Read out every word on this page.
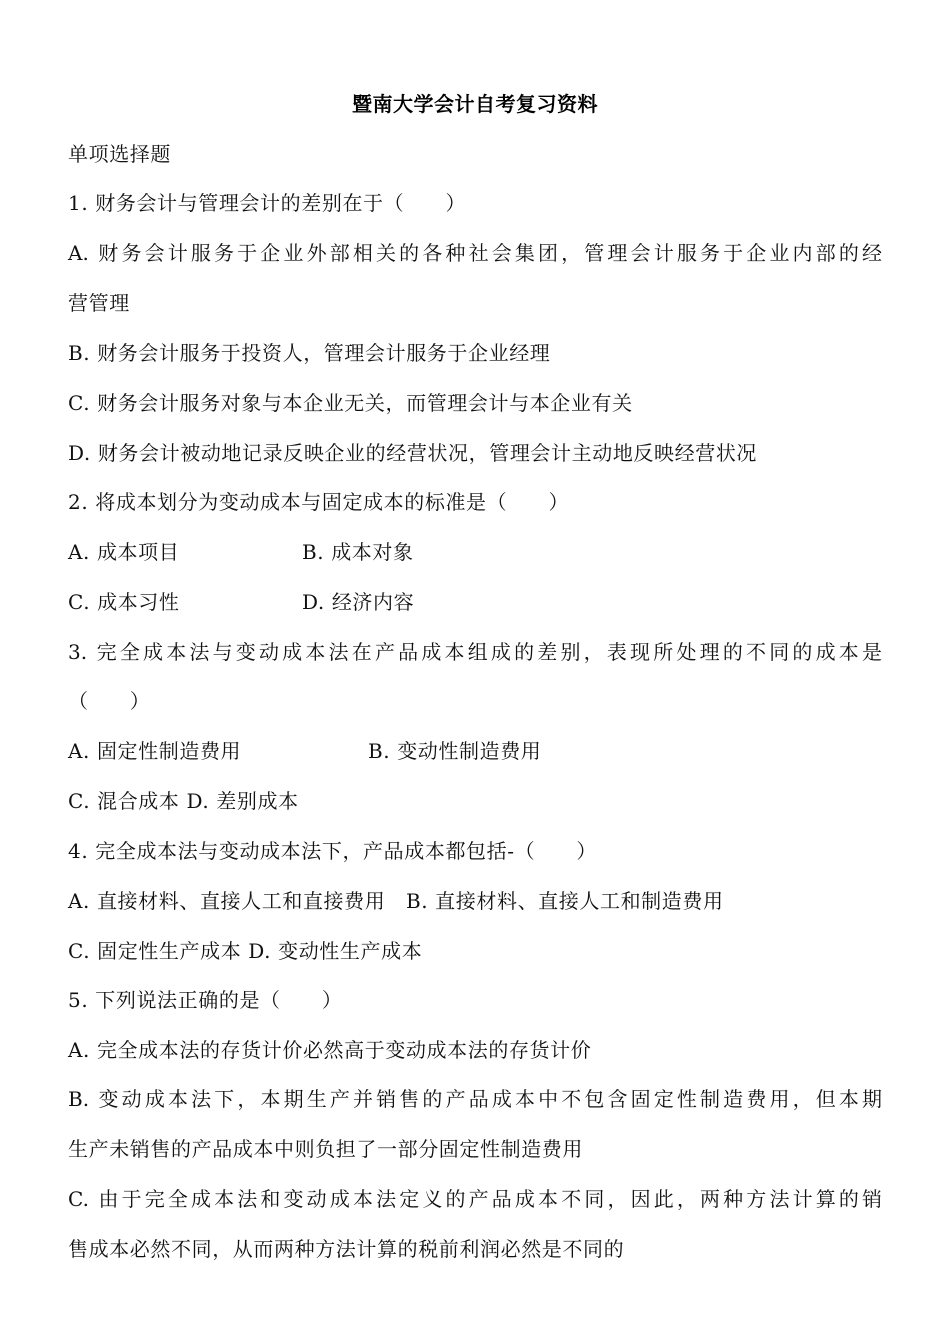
暨南大学会计自考复习资料
单项选择题
1. 财务会计与管理会计的差别在于（　　）
A. 财务会计服务于企业外部相关的各种社会集团，管理会计服务于企业内部的经
营管理
B. 财务会计服务于投资人，管理会计服务于企业经理
C. 财务会计服务对象与本企业无关，而管理会计与本企业有关
D. 财务会计被动地记录反映企业的经营状况，管理会计主动地反映经营状况
2. 将成本划分为变动成本与固定成本的标准是（　　）
A. 成本项目	B. 成本对象
C. 成本习性	D. 经济内容
3. 完全成本法与变动成本法在产品成本组成的差别，表现所处理的不同的成本是
（　　）
A. 固定性制造费用	B. 变动性制造费用
C. 混合成本 D. 差别成本
4. 完全成本法与变动成本法下，产品成本都包括-（　　）
A. 直接材料、直接人工和直接费用　B. 直接材料、直接人工和制造费用
C. 固定性生产成本 D. 变动性生产成本
5. 下列说法正确的是（　　）
A. 完全成本法的存货计价必然高于变动成本法的存货计价
B. 变动成本法下，本期生产并销售的产品成本中不包含固定性制造费用，但本期
生产未销售的产品成本中则负担了一部分固定性制造费用
C. 由于完全成本法和变动成本法定义的产品成本不同，因此，两种方法计算的销
售成本必然不同，从而两种方法计算的税前利润必然是不同的
